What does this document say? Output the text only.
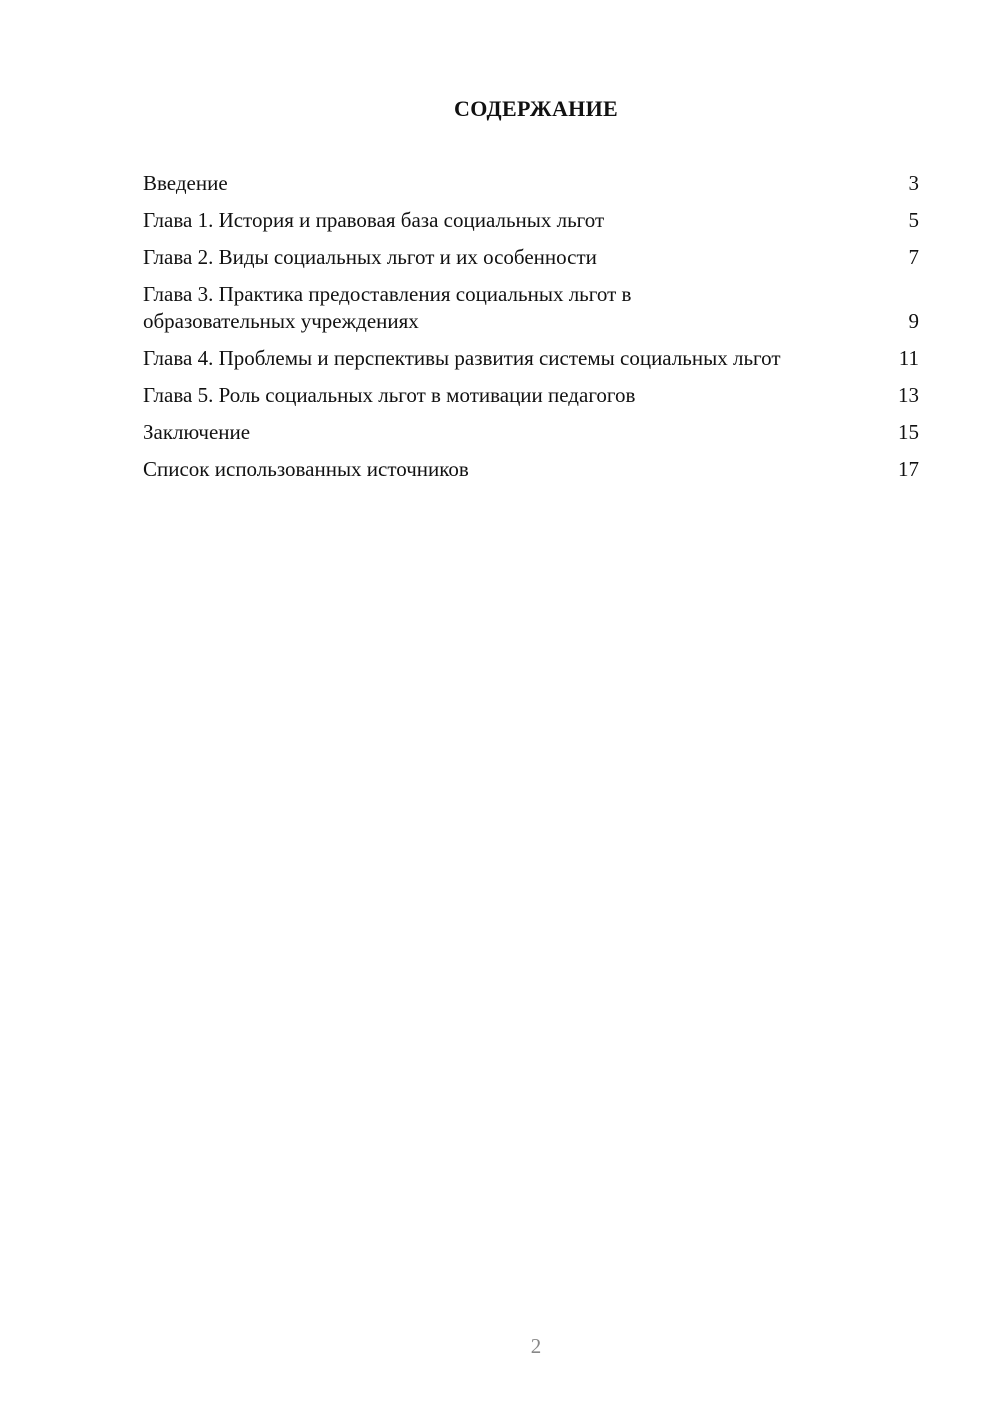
СОДЕРЖАНИЕ
Введение	3
Глава 1. История и правовая база социальных льгот	5
Глава 2. Виды социальных льгот и их особенности	7
Глава 3. Практика предоставления социальных льгот в образовательных учреждениях	9
Глава 4. Проблемы и перспективы развития системы социальных льгот	11
Глава 5. Роль социальных льгот в мотивации педагогов	13
Заключение	15
Список использованных источников	17
2
